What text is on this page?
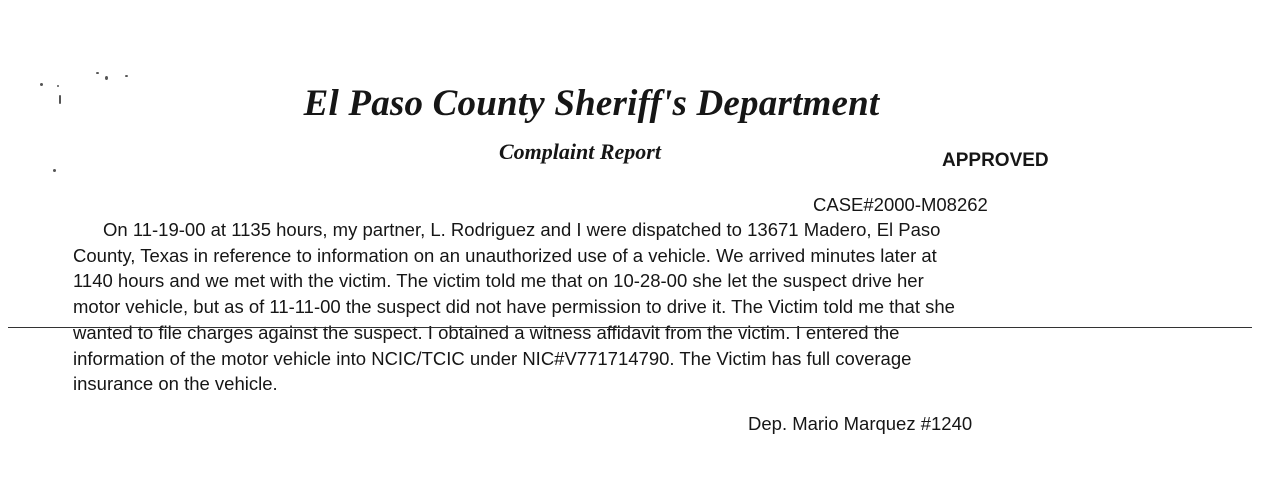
El Paso County Sheriff's Department
Complaint Report	APPROVED
CASE#2000-M08262
On 11-19-00 at 1135 hours, my partner, L. Rodriguez and I were dispatched to 13671 Madero, El Paso
County, Texas in reference to information on an unauthorized use of a vehicle. We arrived minutes later at
1140 hours and we met with the victim. The victim told me that on 10-28-00 she let the suspect drive her
motor vehicle, but as of 11-11-00 the suspect did not have permission to drive it. The Victim told me that she
wanted to file charges against the suspect. I obtained a witness affidavit from the victim. I entered the
information of the motor vehicle into NCIC/TCIC under NIC#V771714790. The Victim has full coverage
insurance on the vehicle.
Dep. Mario Marquez #1240
